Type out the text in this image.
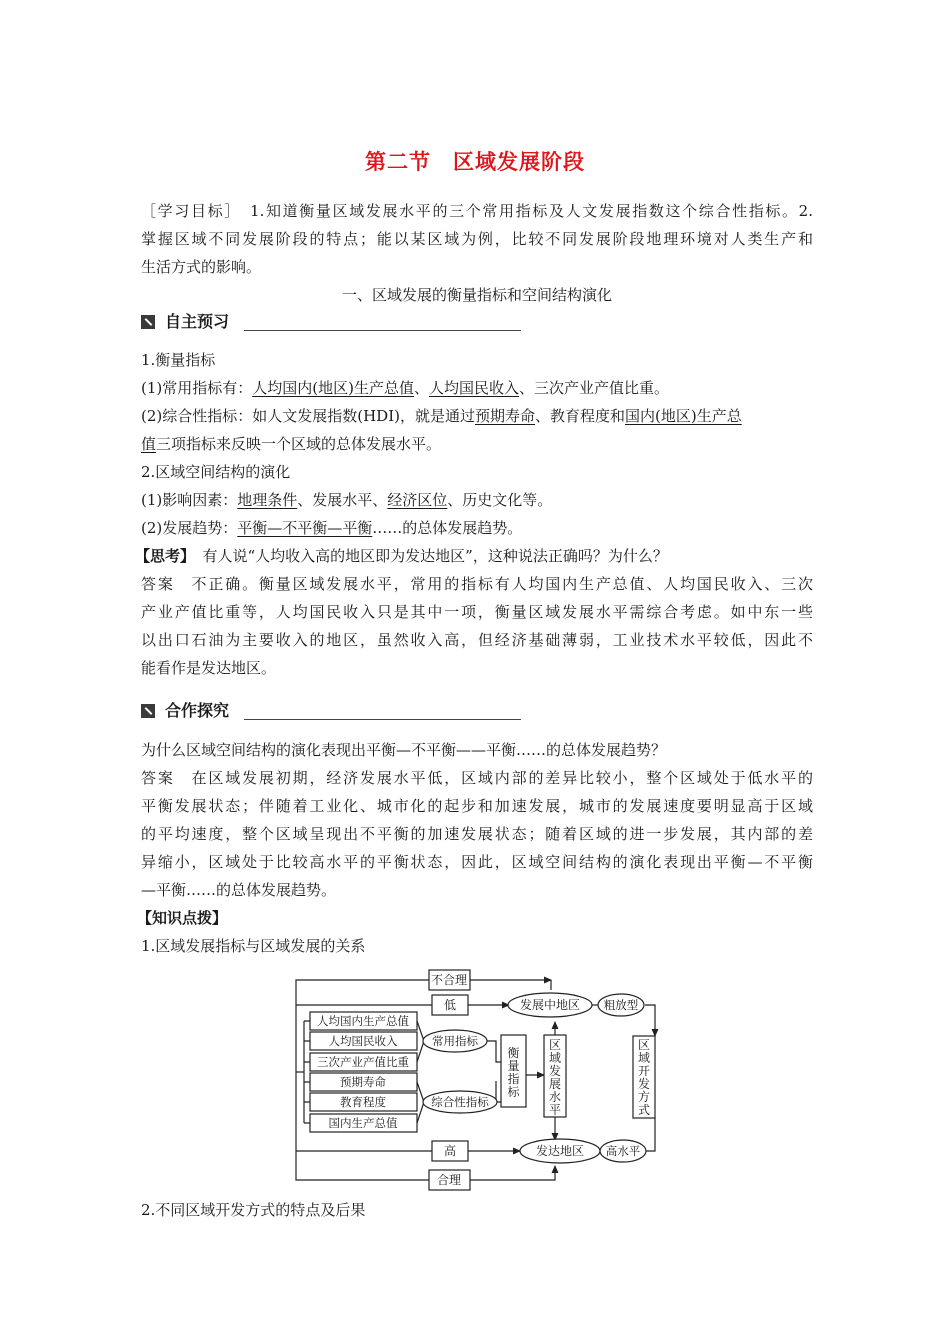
第二节 区域发展阶段
［学习目标］　1.知道衡量区域发展水平的三个常用指标及人文发展指数这个综合性指标。2.
掌握区域不同发展阶段的特点；能以某区域为例，比较不同发展阶段地理环境对人类生产和
生活方式的影响。
一、区域发展的衡量指标和空间结构演化
自主预习
1.衡量指标
(1)常用指标有：人均国内(地区)生产总值、人均国民收入、三次产业产值比重。
(2)综合性指标：如人文发展指数(HDI)，就是通过预期寿命、教育程度和国内(地区)生产总
值三项指标来反映一个区域的总体发展水平。
2.区域空间结构的演化
(1)影响因素：地理条件、发展水平、经济区位、历史文化等。
(2)发展趋势：平衡—不平衡—平衡……的总体发展趋势。
【思考】　有人说“人均收入高的地区即为发达地区”，这种说法正确吗？为什么？
答案　不正确。衡量区域发展水平，常用的指标有人均国内生产总值、人均国民收入、三次
产业产值比重等，人均国民收入只是其中一项，衡量区域发展水平需综合考虑。如中东一些
以出口石油为主要收入的地区，虽然收入高，但经济基础薄弱，工业技术水平较低，因此不
能看作是发达地区。
合作探究
为什么区域空间结构的演化表现出平衡—不平衡——平衡……的总体发展趋势？
答案　在区域发展初期，经济发展水平低，区域内部的差异比较小，整个区域处于低水平的
平衡发展状态；伴随着工业化、城市化的起步和加速发展，城市的发展速度要明显高于区域
的平均速度，整个区域呈现出不平衡的加速发展状态；随着区域的进一步发展，其内部的差
异缩小，区域处于比较高水平的平衡状态，因此，区域空间结构的演化表现出平衡—不平衡
—平衡……的总体发展趋势。
【知识点拨】
1.区域发展指标与区域发展的关系
不合理
低
高
合理
人均国内生产总值
人均国民收入
三次产业产值比重
预期寿命
教育程度
国内生产总值
常用指标
综合性指标
发展中地区
发达地区
粗放型
高水平
衡
量
指
标
区
域
发
展
水
平
区
域
开
发
方
式
2.不同区域开发方式的特点及后果
